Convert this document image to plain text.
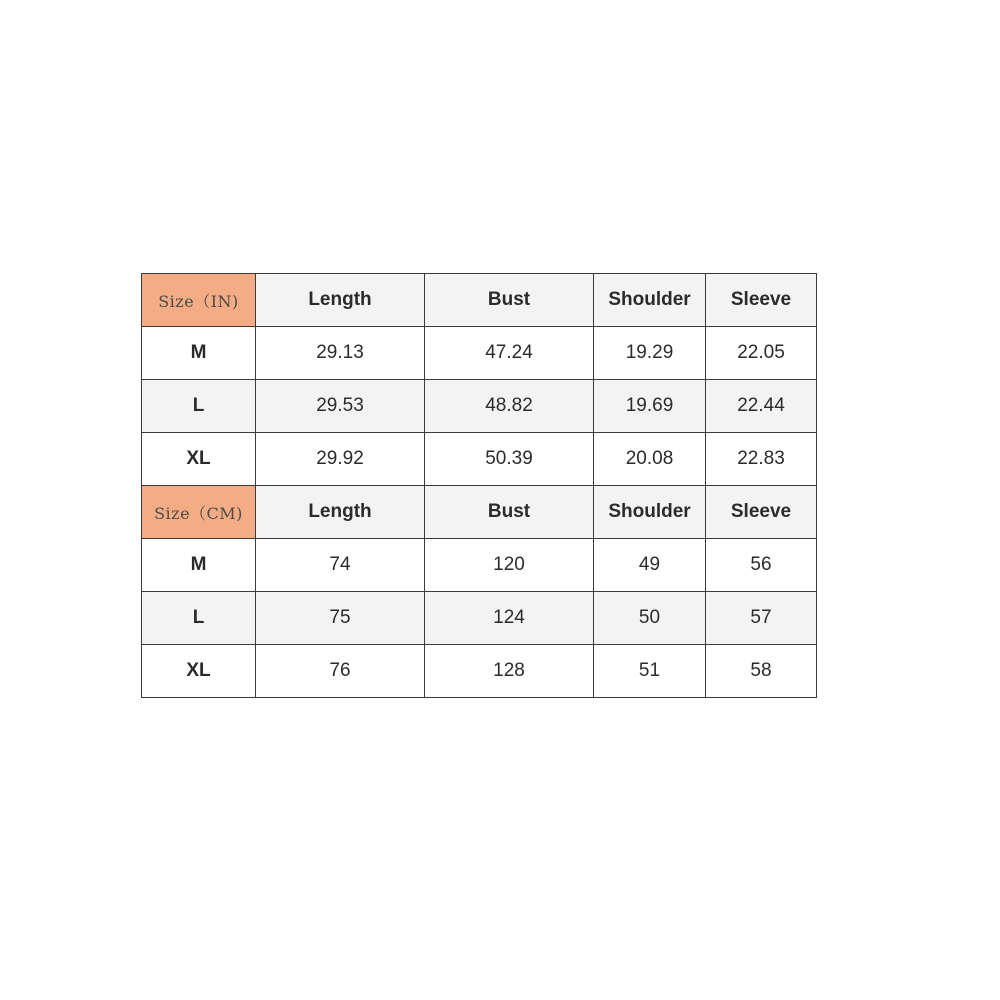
Size（IN)	Length	Bust	Shoulder	Sleeve
M	29.13	47.24	19.29	22.05
L	29.53	48.82	19.69	22.44
XL	29.92	50.39	20.08	22.83
Size（CM)	Length	Bust	Shoulder	Sleeve
M	74	120	49	56
L	75	124	50	57
XL	76	128	51	58
